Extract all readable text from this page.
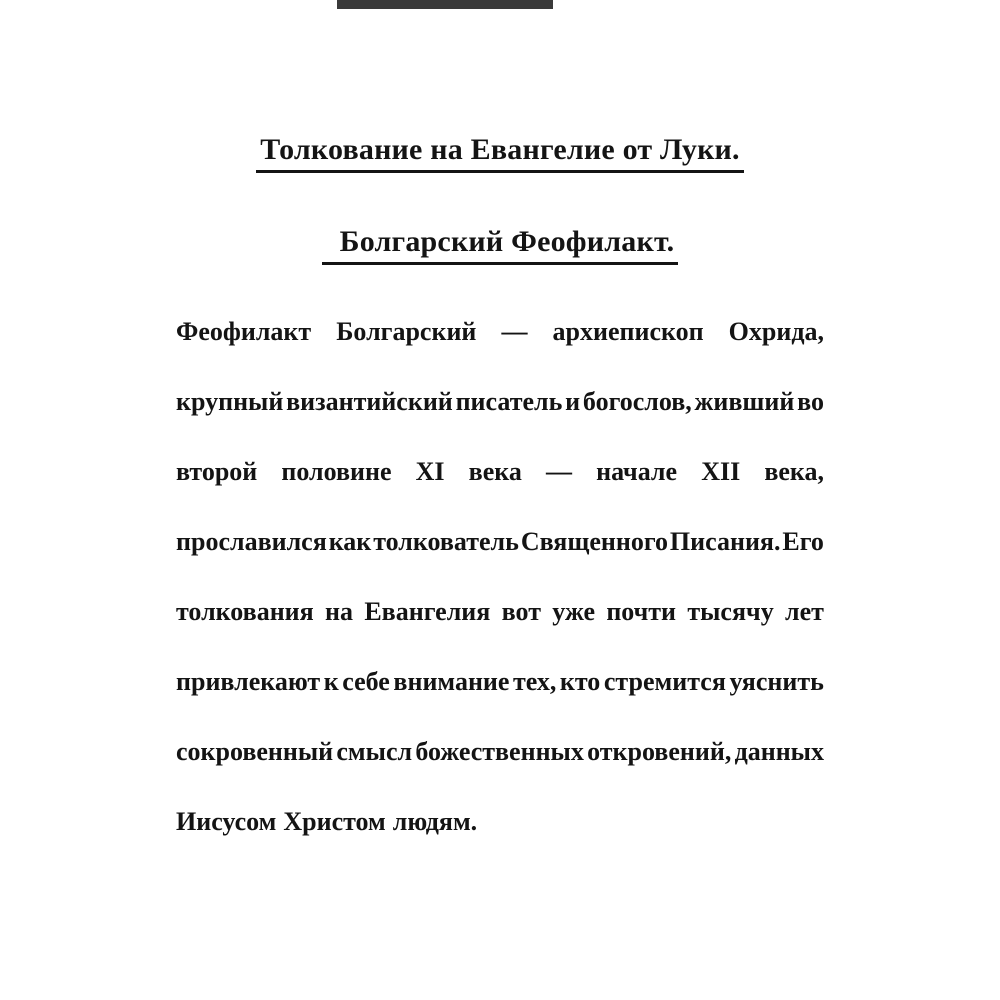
Толкование на Евангелие от Луки.
Болгарский Феофилакт.
Феофилакт Болгарский — архиепископ Охрида,
крупный византийский писатель и богослов, живший во
второй половине XI века — начале XII века,
прославился как толкователь Священного Писания. Его
толкования на Евангелия вот уже почти тысячу лет
привлекают к себе внимание тех, кто стремится уяснить
сокровенный смысл божественных откровений, данных
Иисусом Христом людям.
